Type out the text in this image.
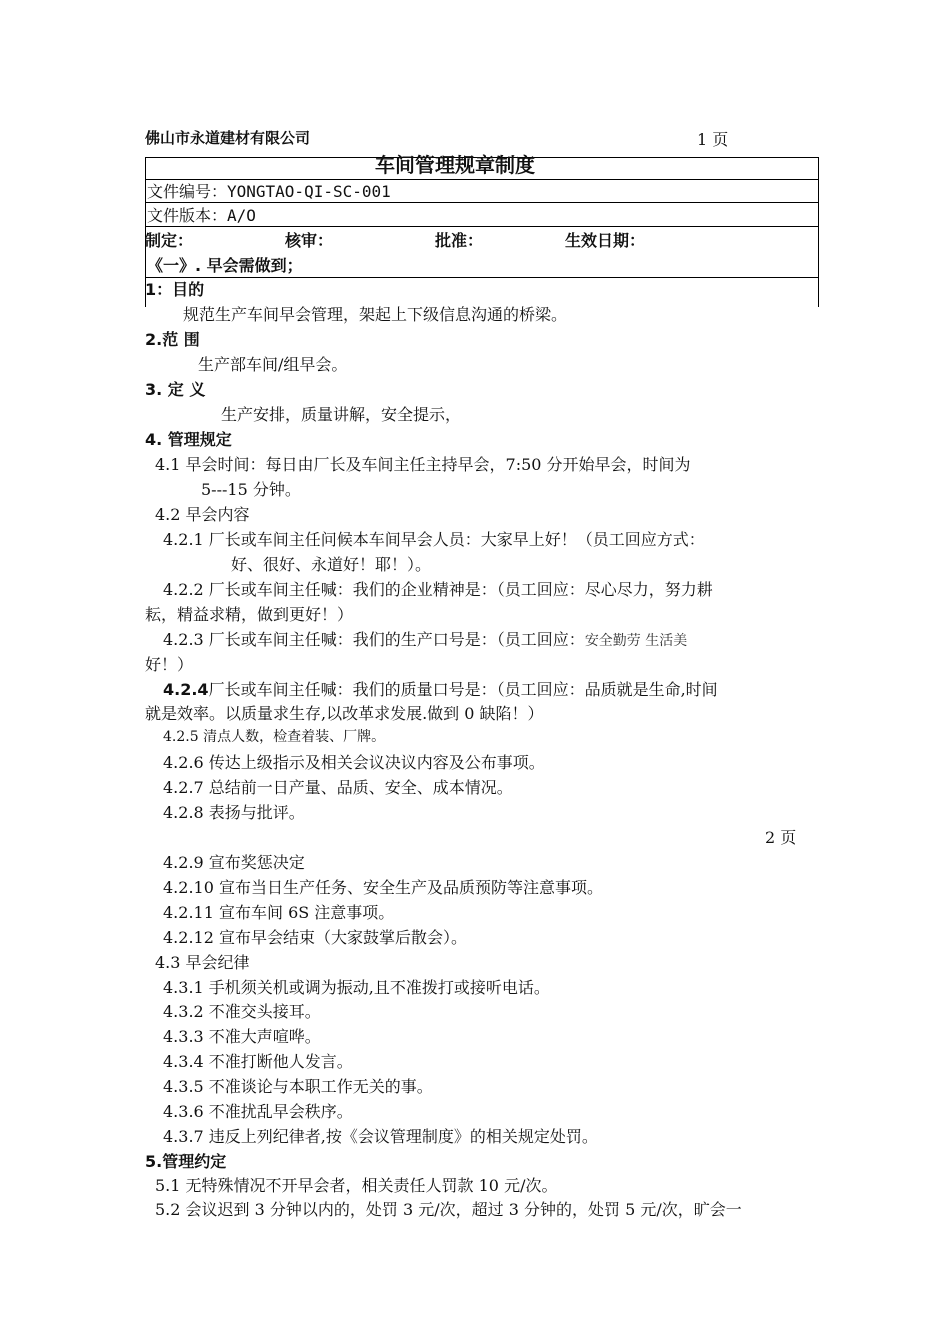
佛山市永道建材有限公司	1 页
车间管理规章制度
文件编号：YONGTAO-QI-SC-001
文件版本：A/O
制定：	核审：	批准：	生效日期：
《一》. 早会需做到；
1：目的
规范生产车间早会管理，架起上下级信息沟通的桥梁。
2.范 围
生产部车间/组早会。
3. 定 义
生产安排，质量讲解，安全提示，
4. 管理规定
4.1 早会时间：每日由厂长及车间主任主持早会，7:50 分开始早会，时间为
5---15 分钟。
4.2 早会内容
4.2.1 厂长或车间主任问候本车间早会人员：大家早上好！（员工回应方式：
好、很好、永道好！耶！）。
4.2.2 厂长或车间主任喊：我们的企业精神是：（员工回应：尽心尽力，努力耕
耘，精益求精，做到更好！）
4.2.3 厂长或车间主任喊：我们的生产口号是：（员工回应：安全勤劳 生活美
好！）
4.2.4厂长或车间主任喊：我们的质量口号是：（员工回应：品质就是生命,时间
就是效率。以质量求生存,以改革求发展.做到 0 缺陷！）
4.2.5 清点人数，检查着装、厂牌。
4.2.6 传达上级指示及相关会议决议内容及公布事项。
4.2.7 总结前一日产量、品质、安全、成本情况。
4.2.8 表扬与批评。
2 页
4.2.9 宣布奖惩决定
4.2.10 宣布当日生产任务、安全生产及品质预防等注意事项。
4.2.11 宣布车间 6S 注意事项。
4.2.12 宣布早会结束（大家鼓掌后散会）。
4.3 早会纪律
4.3.1 手机须关机或调为振动,且不准拨打或接听电话。
4.3.2 不准交头接耳。
4.3.3 不准大声喧哗。
4.3.4 不准打断他人发言。
4.3.5 不准谈论与本职工作无关的事。
4.3.6 不准扰乱早会秩序。
4.3.7 违反上列纪律者,按《会议管理制度》的相关规定处罚。
5.管理约定
5.1 无特殊情况不开早会者，相关责任人罚款 10 元/次。
5.2 会议迟到 3 分钟以内的，处罚 3 元/次，超过 3 分钟的，处罚 5 元/次，旷会一
